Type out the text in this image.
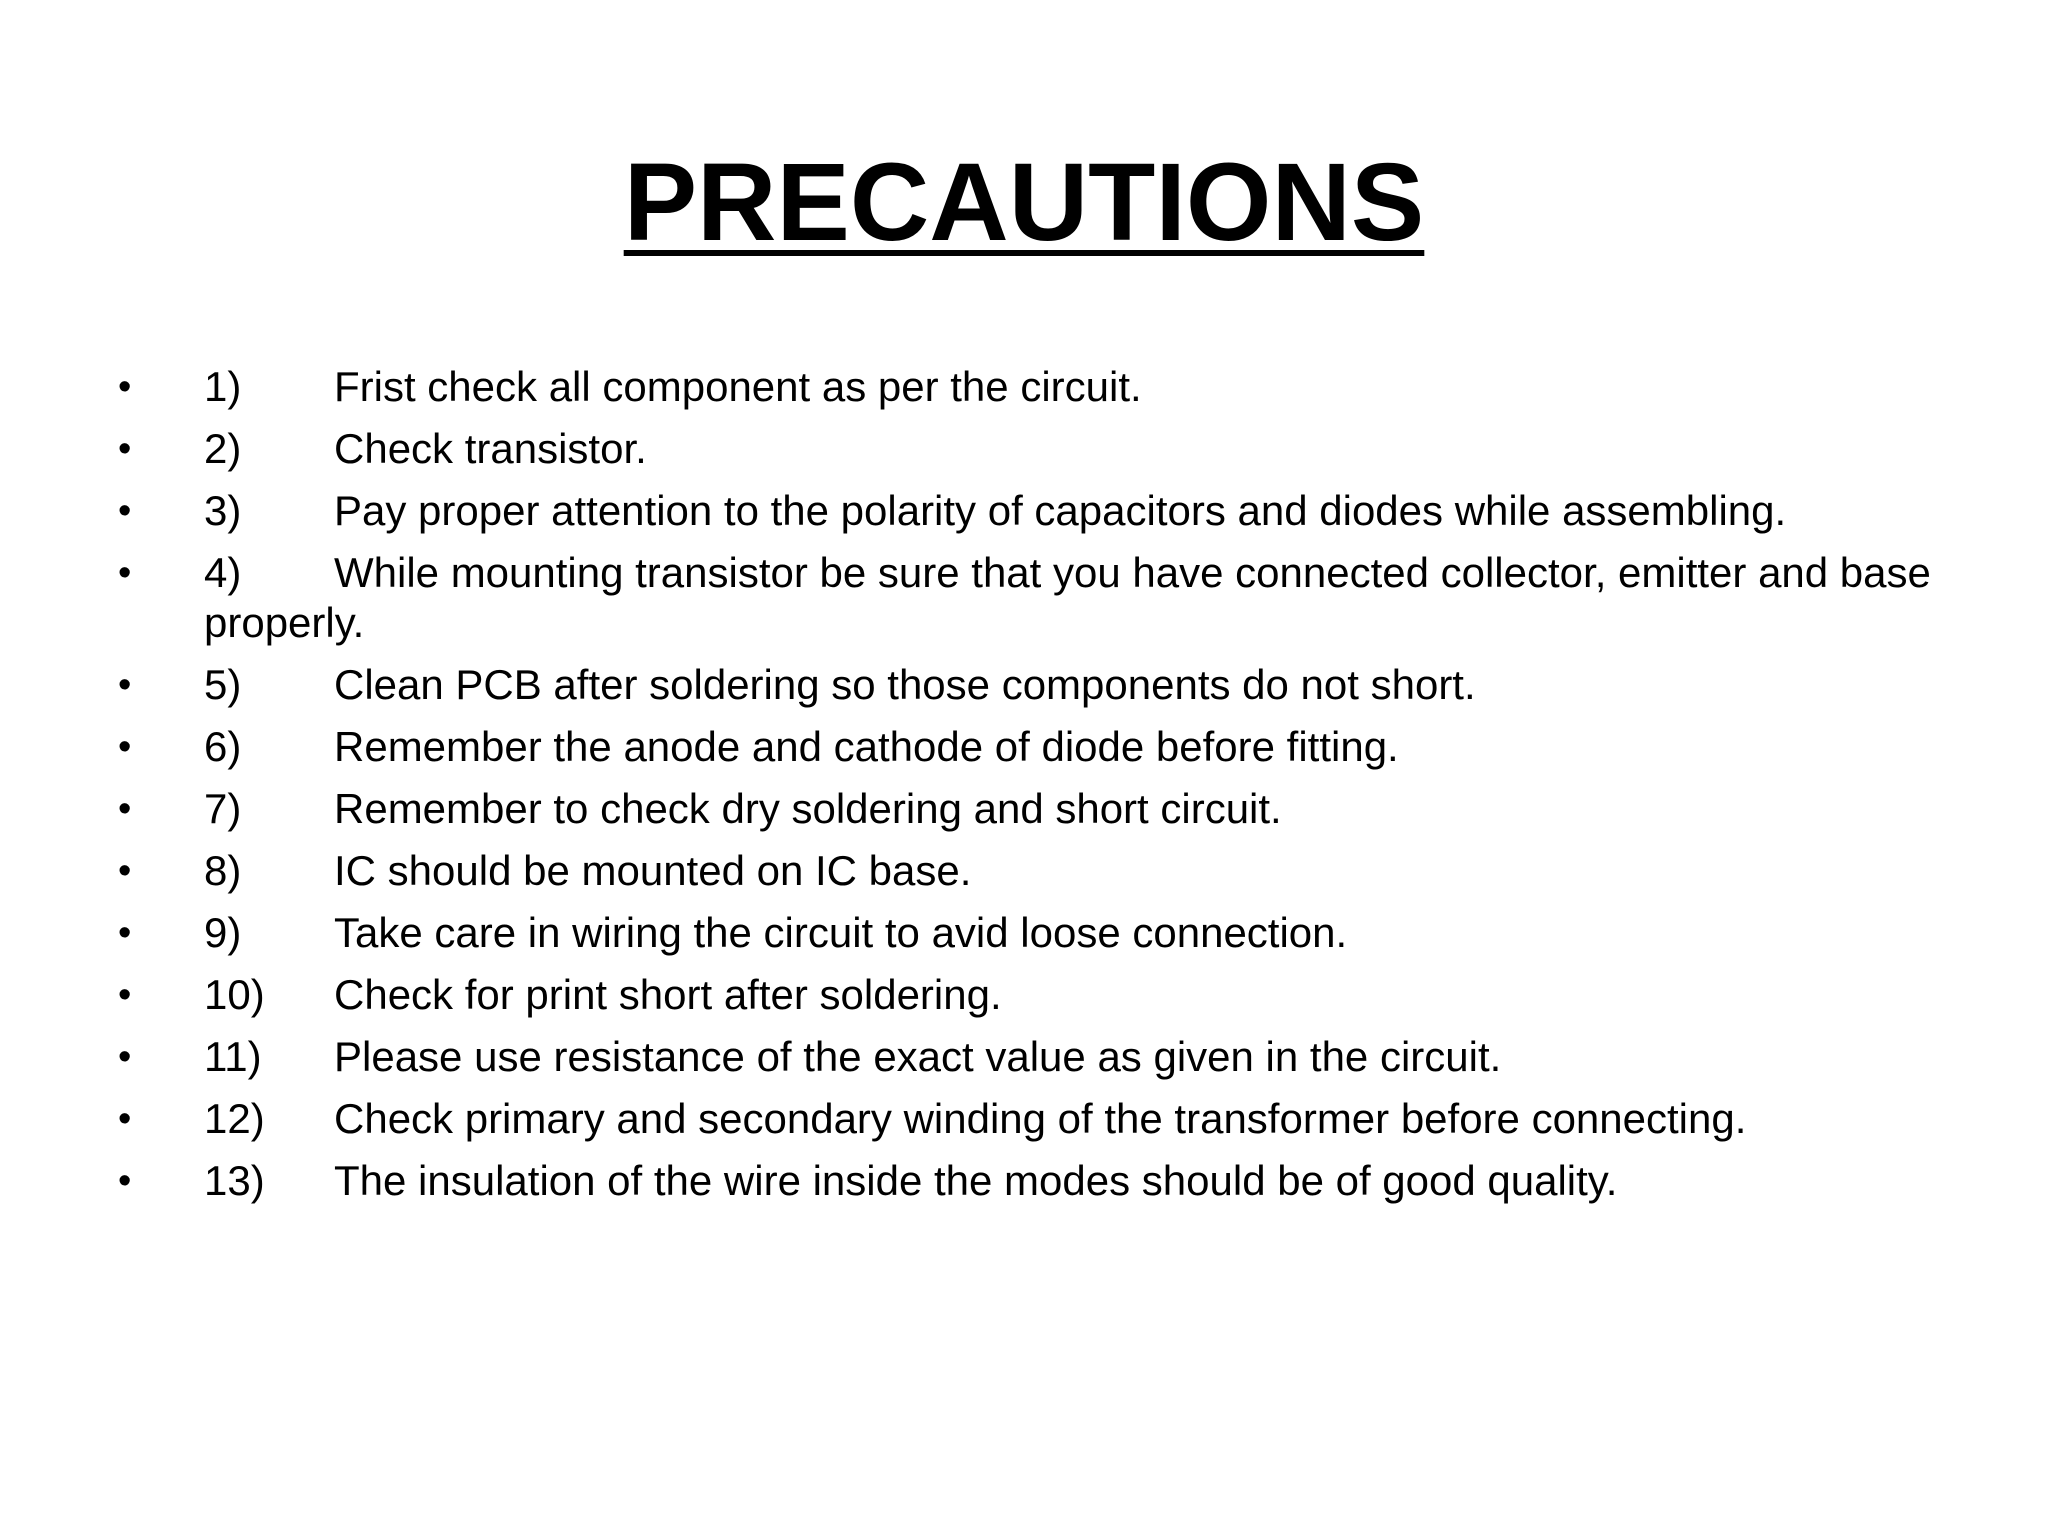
PRECAUTIONS
•	1) Frist check all component as per the circuit.
•	2) Check transistor.
•	3) Pay proper attention to the polarity of capacitors and diodes while assembling.
•	4) While mounting transistor be sure that you have connected collector, emitter and base properly.
•	5) Clean PCB after soldering so those components do not short.
•	6) Remember the anode and cathode of diode before fitting.
•	7) Remember to check dry soldering and short circuit.
•	8) IC should be mounted on IC base.
•	9) Take care in wiring the circuit to avid loose connection.
•	10) Check for print short after soldering.
•	11) Please use resistance of the exact value as given in the circuit.
•	12) Check primary and secondary winding of the transformer before connecting.
•	13) The insulation of the wire inside the modes should be of good quality.
